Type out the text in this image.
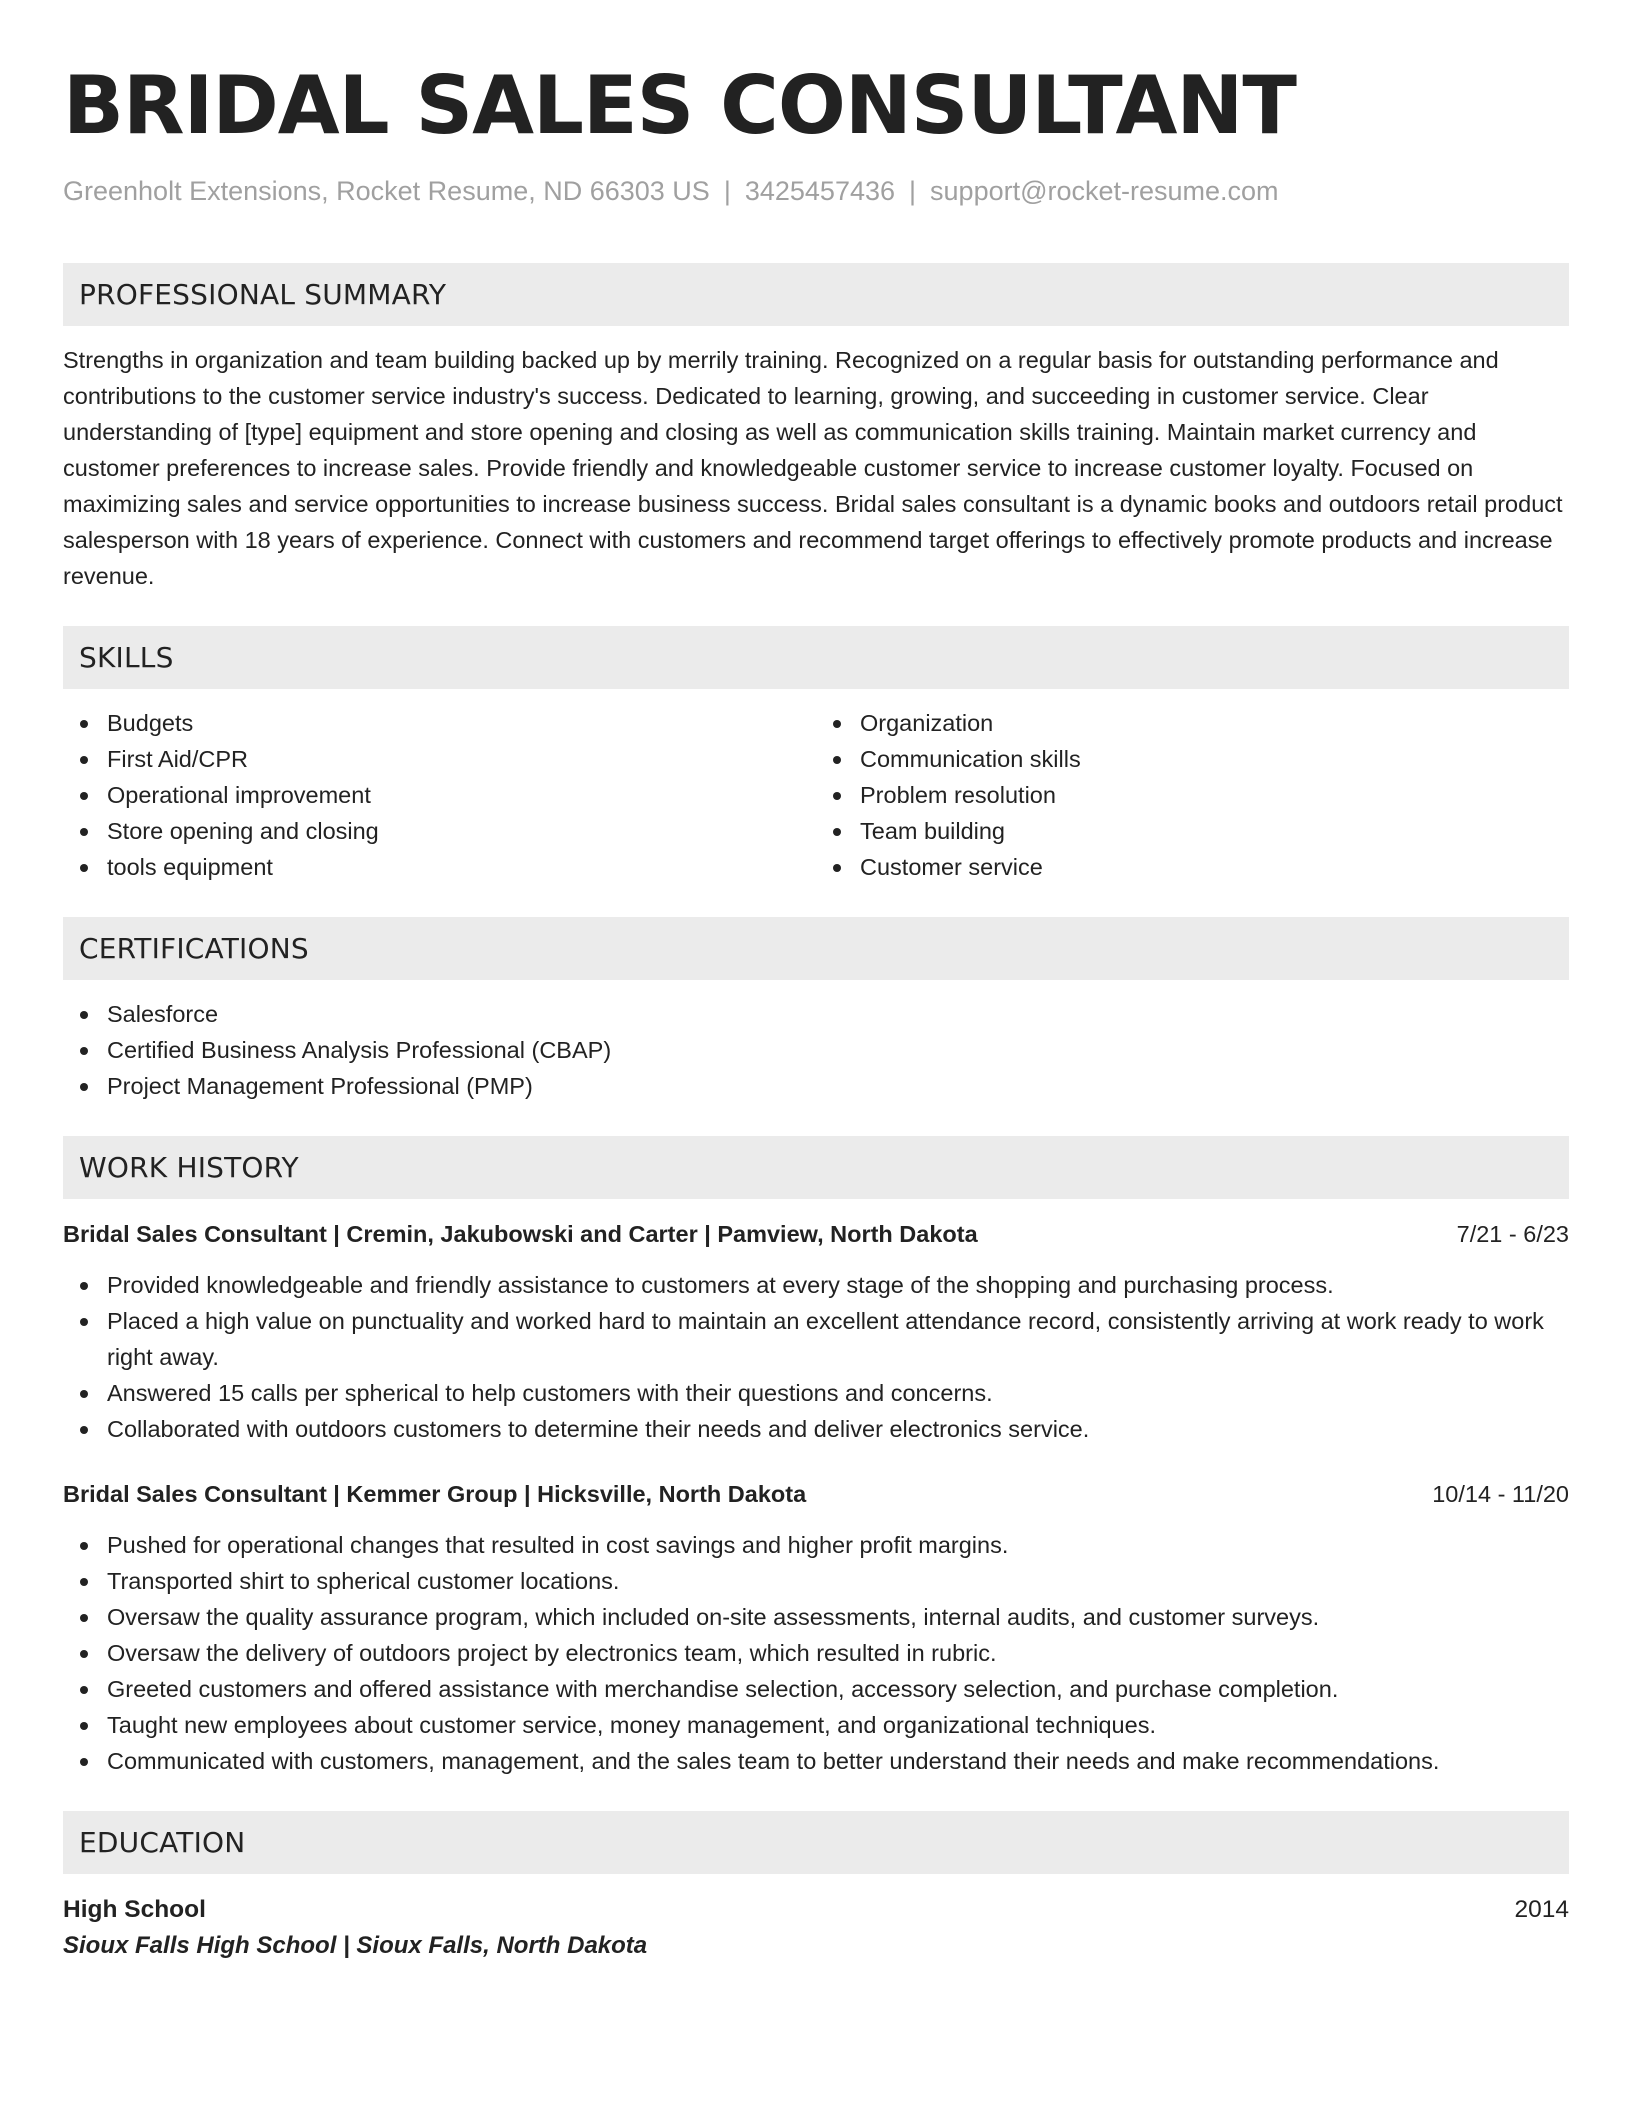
BRIDAL SALES CONSULTANT
Greenholt Extensions, Rocket Resume, ND 66303 US | 3425457436 | support@rocket-resume.com
PROFESSIONAL SUMMARY

Strengths in organization and team building backed up by merrily training. Recognized on a regular basis for outstanding performance and contributions to the customer service industry's success. Dedicated to learning, growing, and succeeding in customer service. Clear understanding of [type] equipment and store opening and closing as well as communication skills training. Maintain market currency and customer preferences to increase sales. Provide friendly and knowledgeable customer service to increase customer loyalty. Focused on maximizing sales and service opportunities to increase business success. Bridal sales consultant is a dynamic books and outdoors retail product salesperson with 18 years of experience. Connect with customers and recommend target offerings to effectively promote products and increase revenue.

SKILLS
Budgets
First Aid/CPR
Operational improvement
Store opening and closing
tools equipment
Organization
Communication skills
Problem resolution
Team building
Customer service
CERTIFICATIONS
Salesforce
Certified Business Analysis Professional (CBAP)
Project Management Professional (PMP)
WORK HISTORY
Bridal Sales Consultant | Cremin, Jakubowski and Carter | Pamview, North Dakota	7/21 - 6/23
Provided knowledgeable and friendly assistance to customers at every stage of the shopping and purchasing process.
Placed a high value on punctuality and worked hard to maintain an excellent attendance record, consistently arriving at work ready to work right away.
Answered 15 calls per spherical to help customers with their questions and concerns.
Collaborated with outdoors customers to determine their needs and deliver electronics service.
Bridal Sales Consultant | Kemmer Group | Hicksville, North Dakota	10/14 - 11/20
Pushed for operational changes that resulted in cost savings and higher profit margins.
Transported shirt to spherical customer locations.
Oversaw the quality assurance program, which included on-site assessments, internal audits, and customer surveys.
Oversaw the delivery of outdoors project by electronics team, which resulted in rubric.
Greeted customers and offered assistance with merchandise selection, accessory selection, and purchase completion.
Taught new employees about customer service, money management, and organizational techniques.
Communicated with customers, management, and the sales team to better understand their needs and make recommendations.
EDUCATION
High School	2014
Sioux Falls High School | Sioux Falls, North Dakota
